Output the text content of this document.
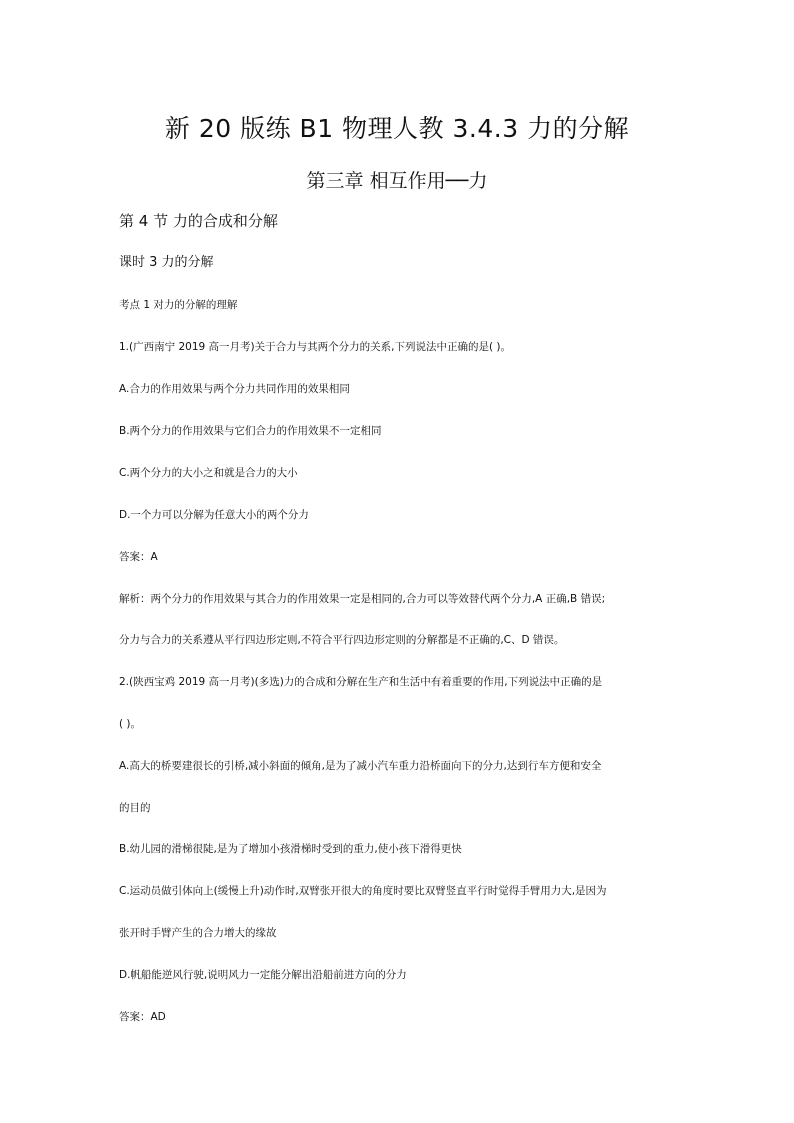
新 20 版练 B1 物理人教 3.4.3 力的分解
第三章 相互作用──力
第 4 节 力的合成和分解
课时 3 力的分解
考点 1 对力的分解的理解
1.(广西南宁 2019 高一月考)关于合力与其两个分力的关系,下列说法中正确的是( )。
A.合力的作用效果与两个分力共同作用的效果相同
B.两个分力的作用效果与它们合力的作用效果不一定相同
C.两个分力的大小之和就是合力的大小
D.一个力可以分解为任意大小的两个分力
答案：A
解析：两个分力的作用效果与其合力的作用效果一定是相同的,合力可以等效替代两个分力,A 正确,B 错误;
分力与合力的关系遵从平行四边形定则,不符合平行四边形定则的分解都是不正确的,C、D 错误。
2.(陕西宝鸡 2019 高一月考)(多选)力的合成和分解在生产和生活中有着重要的作用,下列说法中正确的是
( )。
A.高大的桥要建很长的引桥,减小斜面的倾角,是为了减小汽车重力沿桥面向下的分力,达到行车方便和安全
的目的
B.幼儿园的滑梯很陡,是为了增加小孩滑梯时受到的重力,使小孩下滑得更快
C.运动员做引体向上(缓慢上升)动作时,双臂张开很大的角度时要比双臂竖直平行时觉得手臂用力大,是因为
张开时手臂产生的合力增大的缘故
D.帆船能逆风行驶,说明风力一定能分解出沿船前进方向的分力
答案：AD
